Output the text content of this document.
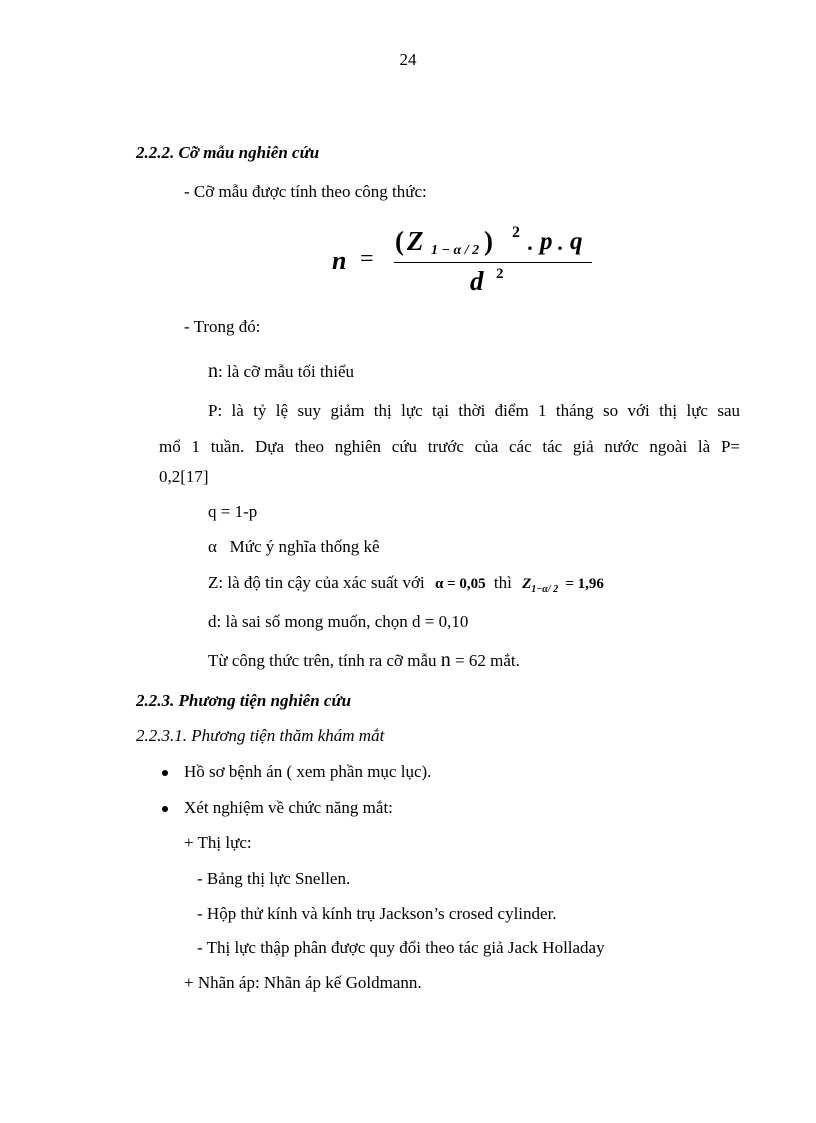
24
2.2.2. Cỡ mẫu nghiên cứu
- Cỡ mẫu được tính theo công thức:
n =
( Z 1 − α / 2 ) 2 . p . q
d 2
- Trong đó:
n: là cỡ mẫu tối thiểu
P: là tỷ lệ suy giảm thị lực tại thời điểm 1 tháng so với thị lực sau
mổ 1 tuần. Dựa theo nghiên cứu trước của các tác giả nước ngoài là P=
0,2[17]
q = 1-p
α   Mức ý nghĩa thống kê
Z: là độ tin cậy của xác suất với α = 0,05 thì $Z_{1-\alpha/ 2} = 1,96$
d: là sai số mong muốn, chọn d = 0,10
Từ công thức trên, tính ra cỡ mẫu n = 62 mắt.
2.2.3. Phương tiện nghiên cứu
2.2.3.1. Phương tiện thăm khám mắt
Hồ sơ bệnh án ( xem phần mục lục).
Xét nghiệm về chức năng mắt:
+ Thị lực:
- Bảng thị lực Snellen.
- Hộp thử kính và kính trụ Jackson’s crosed cylinder.
- Thị lực thập phân được quy đổi theo tác giả Jack Holladay
+ Nhãn áp: Nhãn áp kế Goldmann.
